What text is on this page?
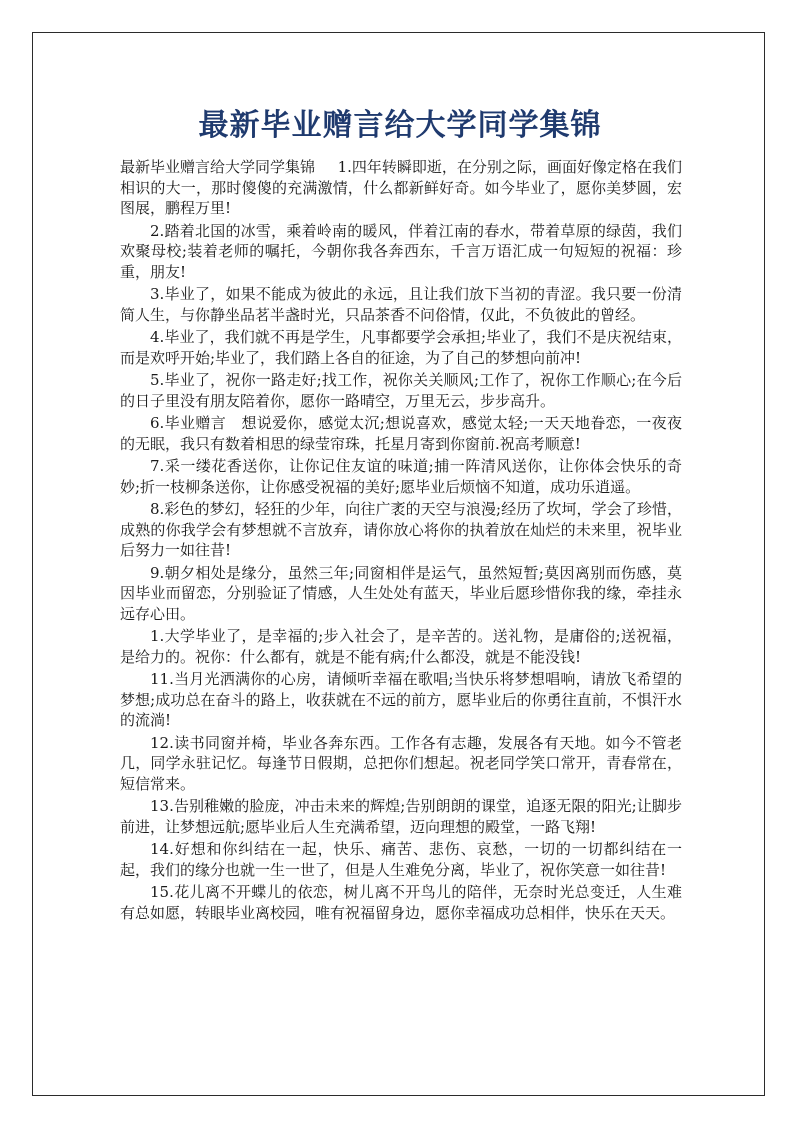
最新毕业赠言给大学同学集锦

最新毕业赠言给大学同学集锦 1.四年转瞬即逝，在分别之际，画面好像定格在我们相识的大一，那时傻傻的充满激情，什么都新鲜好奇。如今毕业了，愿你美梦圆，宏图展，鹏程万里!

2.踏着北国的冰雪，乘着岭南的暖风，伴着江南的春水，带着草原的绿茵，我们欢聚母校;装着老师的嘱托，今朝你我各奔西东，千言万语汇成一句短短的祝福：珍重，朋友!

3.毕业了，如果不能成为彼此的永远，且让我们放下当初的青涩。我只要一份清简人生，与你静坐品茗半盏时光，只品茶香不问俗情，仅此，不负彼此的曾经。

4.毕业了，我们就不再是学生，凡事都要学会承担;毕业了，我们不是庆祝结束，而是欢呼开始;毕业了，我们踏上各自的征途，为了自己的梦想向前冲!

5.毕业了，祝你一路走好;找工作，祝你关关顺风;工作了，祝你工作顺心;在今后的日子里没有朋友陪着你，愿你一路晴空，万里无云，步步高升。

6.毕业赠言　想说爱你，感觉太沉;想说喜欢，感觉太轻;一天天地眷恋，一夜夜的无眠，我只有数着相思的绿莹帘珠，托星月寄到你窗前.祝高考顺意!

7.采一缕花香送你，让你记住友谊的味道;捕一阵清风送你，让你体会快乐的奇妙;折一枝柳条送你，让你感受祝福的美好;愿毕业后烦恼不知道，成功乐逍遥。

8.彩色的梦幻，轻狂的少年，向往广袤的天空与浪漫;经历了坎坷，学会了珍惜，成熟的你我学会有梦想就不言放弃，请你放心将你的执着放在灿烂的未来里，祝毕业后努力一如往昔!

9.朝夕相处是缘分，虽然三年;同窗相伴是运气，虽然短暂;莫因离别而伤感，莫因毕业而留恋，分别验证了情感，人生处处有蓝天，毕业后愿珍惜你我的缘，牵挂永远存心田。

1.大学毕业了，是幸福的;步入社会了，是辛苦的。送礼物，是庸俗的;送祝福，是给力的。祝你：什么都有，就是不能有病;什么都没，就是不能没钱!

11.当月光洒满你的心房，请倾听幸福在歌唱;当快乐将梦想唱响，请放飞希望的梦想;成功总在奋斗的路上，收获就在不远的前方，愿毕业后的你勇往直前，不惧汗水的流淌!

12.读书同窗并椅，毕业各奔东西。工作各有志趣，发展各有天地。如今不管老几，同学永驻记忆。每逢节日假期，总把你们想起。祝老同学笑口常开，青春常在，短信常来。

13.告别稚嫩的脸庞，冲击未来的辉煌;告别朗朗的课堂，追逐无限的阳光;让脚步前进，让梦想远航;愿毕业后人生充满希望，迈向理想的殿堂，一路飞翔!

14.好想和你纠结在一起，快乐、痛苦、悲伤、哀愁，一切的一切都纠结在一起，我们的缘分也就一生一世了，但是人生难免分离，毕业了，祝你笑意一如往昔!

15.花儿离不开蝶儿的依恋，树儿离不开鸟儿的陪伴，无奈时光总变迁，人生难有总如愿，转眼毕业离校园，唯有祝福留身边，愿你幸福成功总相伴，快乐在天天。
